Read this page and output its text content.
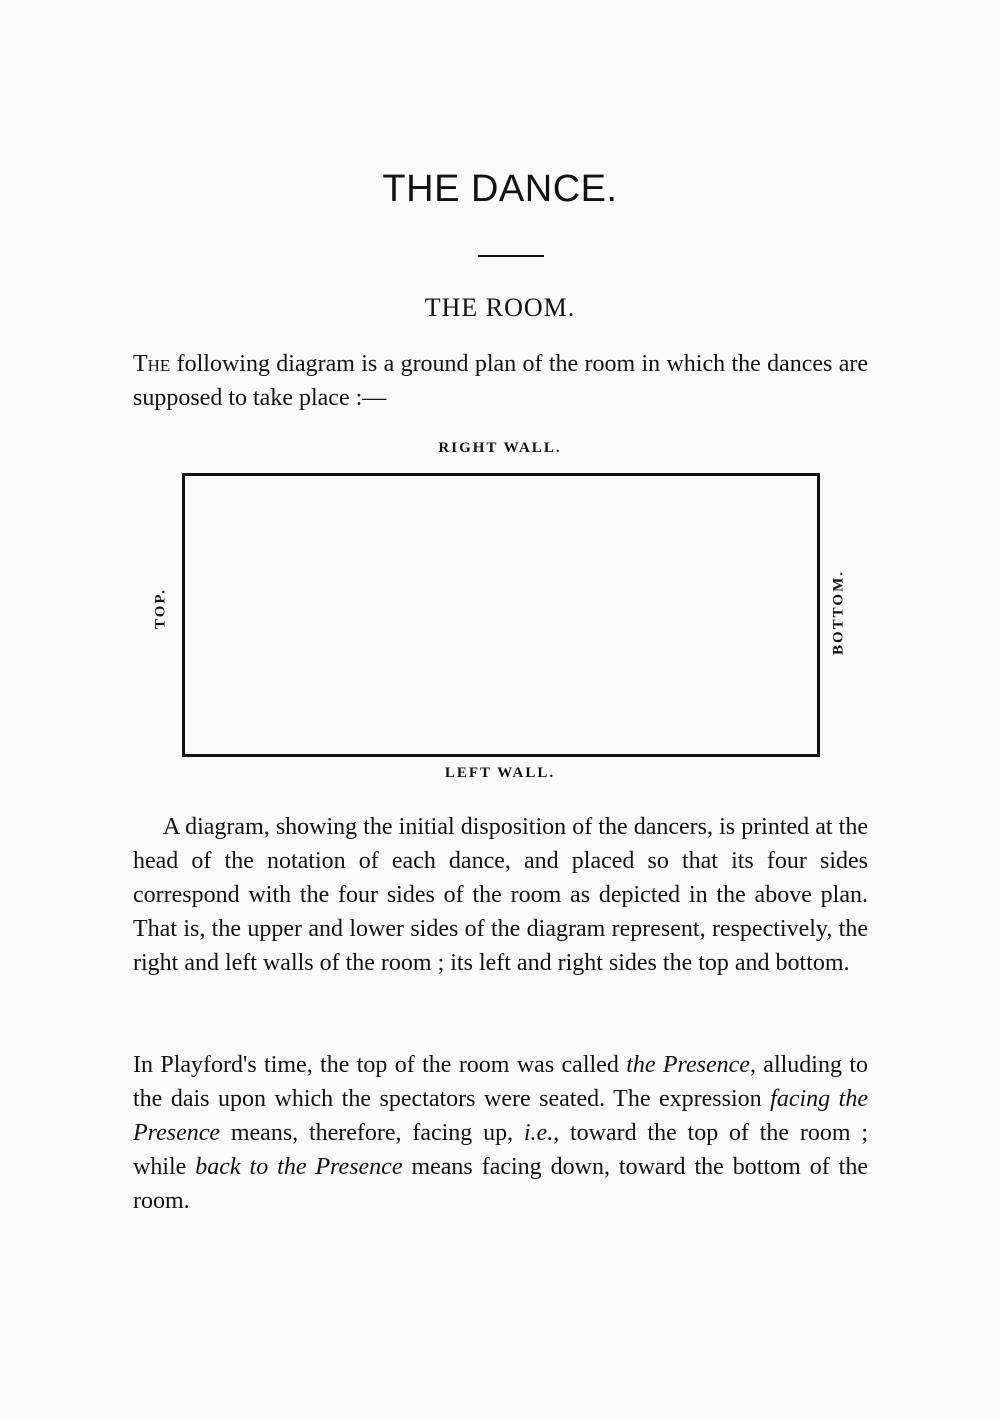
THE DANCE.
THE ROOM.

The following diagram is a ground plan of the room in which the dances are supposed to take place :—

RIGHT WALL.
TOP.	BOTTOM.
LEFT WALL.

A diagram, showing the initial disposition of the dancers, is printed at the head of the notation of each dance, and placed so that its four sides correspond with the four sides of the room as depicted in the above plan. That is, the upper and lower sides of the diagram represent, respectively, the right and left walls of the room ; its left and right sides the top and bottom.

In Playford's time, the top of the room was called the Presence, alluding to the dais upon which the spectators were seated. The expression facing the Presence means, therefore, facing up, i.e., toward the top of the room ; while back to the Presence means facing down, toward the bottom of the room.
